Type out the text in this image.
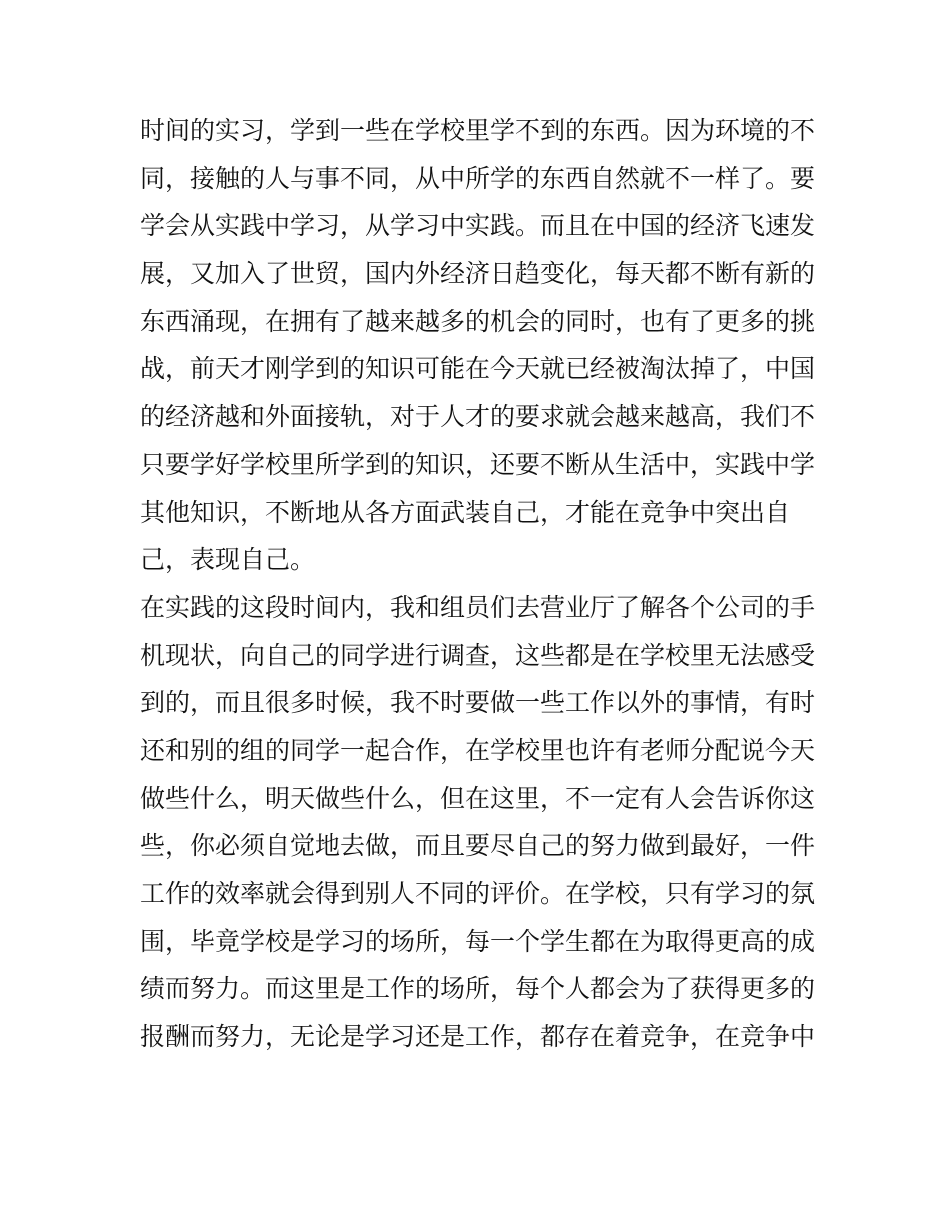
时间的实习，学到一些在学校里学不到的东西。因为环境的不
同，接触的人与事不同，从中所学的东西自然就不一样了。要
学会从实践中学习，从学习中实践。而且在中国的经济飞速发
展，又加入了世贸，国内外经济日趋变化，每天都不断有新的
东西涌现，在拥有了越来越多的机会的同时，也有了更多的挑
战，前天才刚学到的知识可能在今天就已经被淘汰掉了，中国
的经济越和外面接轨，对于人才的要求就会越来越高，我们不
只要学好学校里所学到的知识，还要不断从生活中，实践中学
其他知识，不断地从各方面武装自己，才能在竞争中突出自
己，表现自己。
在实践的这段时间内，我和组员们去营业厅了解各个公司的手
机现状，向自己的同学进行调查，这些都是在学校里无法感受
到的，而且很多时候，我不时要做一些工作以外的事情，有时
还和别的组的同学一起合作，在学校里也许有老师分配说今天
做些什么，明天做些什么，但在这里，不一定有人会告诉你这
些，你必须自觉地去做，而且要尽自己的努力做到最好，一件
工作的效率就会得到别人不同的评价。在学校，只有学习的氛
围，毕竟学校是学习的场所，每一个学生都在为取得更高的成
绩而努力。而这里是工作的场所，每个人都会为了获得更多的
报酬而努力，无论是学习还是工作，都存在着竞争，在竞争中
